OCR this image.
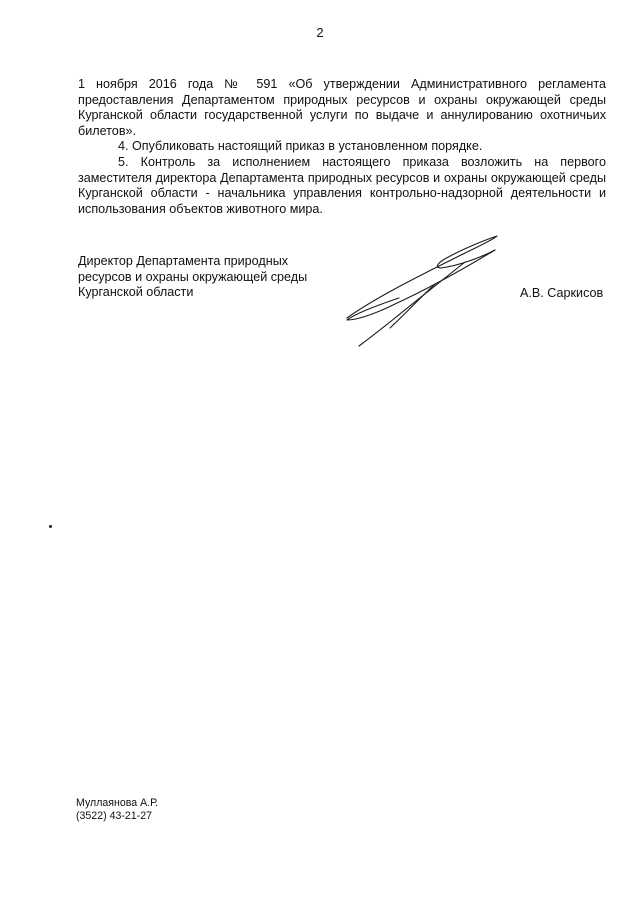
2

1 ноября 2016 года № 591 «Об утверждении Административного регламента предоставления Департаментом природных ресурсов и охраны окружающей среды Курганской области государственной услуги по выдаче и аннулированию охотничьих билетов».

4. Опубликовать настоящий приказ в установленном порядке.

5. Контроль за исполнением настоящего приказа возложить на первого заместителя директора Департамента природных ресурсов и охраны окружающей среды Курганской области - начальника управления контрольно-надзорной деятельности и использования объектов животного мира.

Директор Департамента природных
ресурсов и охраны окружающей среды
Курганской области	А.В. Саркисов
Муллаянова А.Р.
(3522) 43-21-27
